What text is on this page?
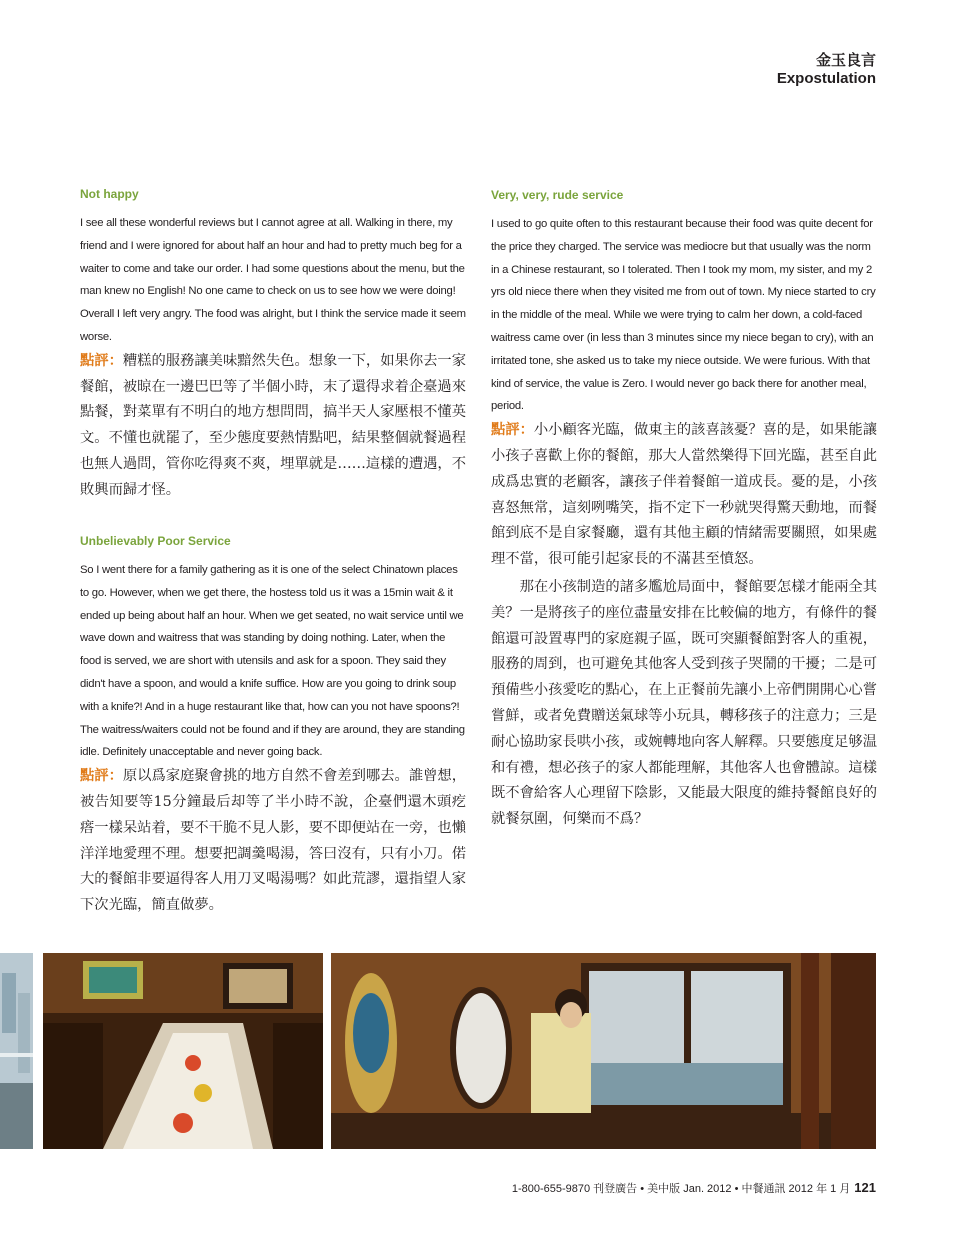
金玉良言
Expostulation
Not happy

I see all these wonderful reviews but I cannot agree at all. Walking in there, my friend and I were ignored for about half an hour and had to pretty much beg for a waiter to come and take our order. I had some questions about the menu, but the man knew no English! No one came to check on us to see how we were doing! Overall I left very angry. The food was alright, but I think the service made it seem worse.

點評：糟糕的服務讓美味黯然失色。想象一下，如果你去一家餐館，被晾在一邊巴巴等了半個小時，末了還得求着企臺過來點餐，對菜單有不明白的地方想問問，搞半天人家壓根不懂英文。不懂也就罷了，至少態度要熱情點吧，結果整個就餐過程也無人過問，管你吃得爽不爽，埋單就是……這樣的遭遇，不敗興而歸才怪。

Unbelievably Poor Service

So I went there for a family gathering as it is one of the select Chinatown places to go. However, when we get there, the hostess told us it was a 15min wait & it ended up being about half an hour. When we get seated, no wait service until we wave down and waitress that was standing by doing nothing. Later, when the food is served, we are short with utensils and ask for a spoon. They said they didn't have a spoon, and would a knife suffice. How are you going to drink soup with a knife?! And in a huge restaurant like that, how can you not have spoons?! The waitress/waiters could not be found and if they are around, they are standing idle. Definitely unacceptable and never going back.

點評：原以爲家庭聚會挑的地方自然不會差到哪去。誰曾想，被告知要等15分鐘最后却等了半小時不說，企臺們還木頭疙瘩一樣呆站着，要不干脆不見人影，要不即便站在一旁，也懶洋洋地愛理不理。想要把調羹喝湯，答曰沒有，只有小刀。偌大的餐館非要逼得客人用刀叉喝湯嗎？如此荒謬，還指望人家下次光臨，簡直做夢。

Very, very, rude service

I used to go quite often to this restaurant because their food was quite decent for the price they charged. The service was mediocre but that usually was the norm in a Chinese restaurant, so I tolerated. Then I took my mom, my sister, and my 2 yrs old niece there when they visited me from out of town. My niece started to cry in the middle of the meal. While we were trying to calm her down, a cold-faced waitress came over (in less than 3 minutes since my niece began to cry), with an irritated tone, she asked us to take my niece outside. We were furious. With that kind of service, the value is Zero. I would never go back there for another meal, period.

點評：小小顧客光臨，做東主的該喜該憂？喜的是，如果能讓小孩子喜歡上你的餐館，那大人當然樂得下回光臨，甚至自此成爲忠實的老顧客，讓孩子伴着餐館一道成長。憂的是，小孩喜怒無常，這刻咧嘴笑，指不定下一秒就哭得驚天動地，而餐館到底不是自家餐廳，還有其他主顧的情緒需要關照，如果處理不當，很可能引起家長的不滿甚至憤怒。

那在小孩制造的諸多尷尬局面中，餐館要怎樣才能兩全其美？一是將孩子的座位盡量安排在比較偏的地方，有條件的餐館還可設置專門的家庭親子區，既可突顯餐館對客人的重視，服務的周到，也可避免其他客人受到孩子哭鬧的干擾；二是可預備些小孩愛吃的點心，在上正餐前先讓小上帝們開開心心嘗嘗鮮，或者免費贈送氣球等小玩具，轉移孩子的注意力；三是耐心協助家長哄小孩，或婉轉地向客人解釋。只要態度足够温和有禮，想必孩子的家人都能理解，其他客人也會體諒。這樣既不會給客人心理留下陰影，又能最大限度的維持餐館良好的就餐氛圍，何樂而不爲？

1-800-655-9870 刊登廣告 • 美中版 Jan. 2012 • 中餐通訊 2012 年 1 月 121
